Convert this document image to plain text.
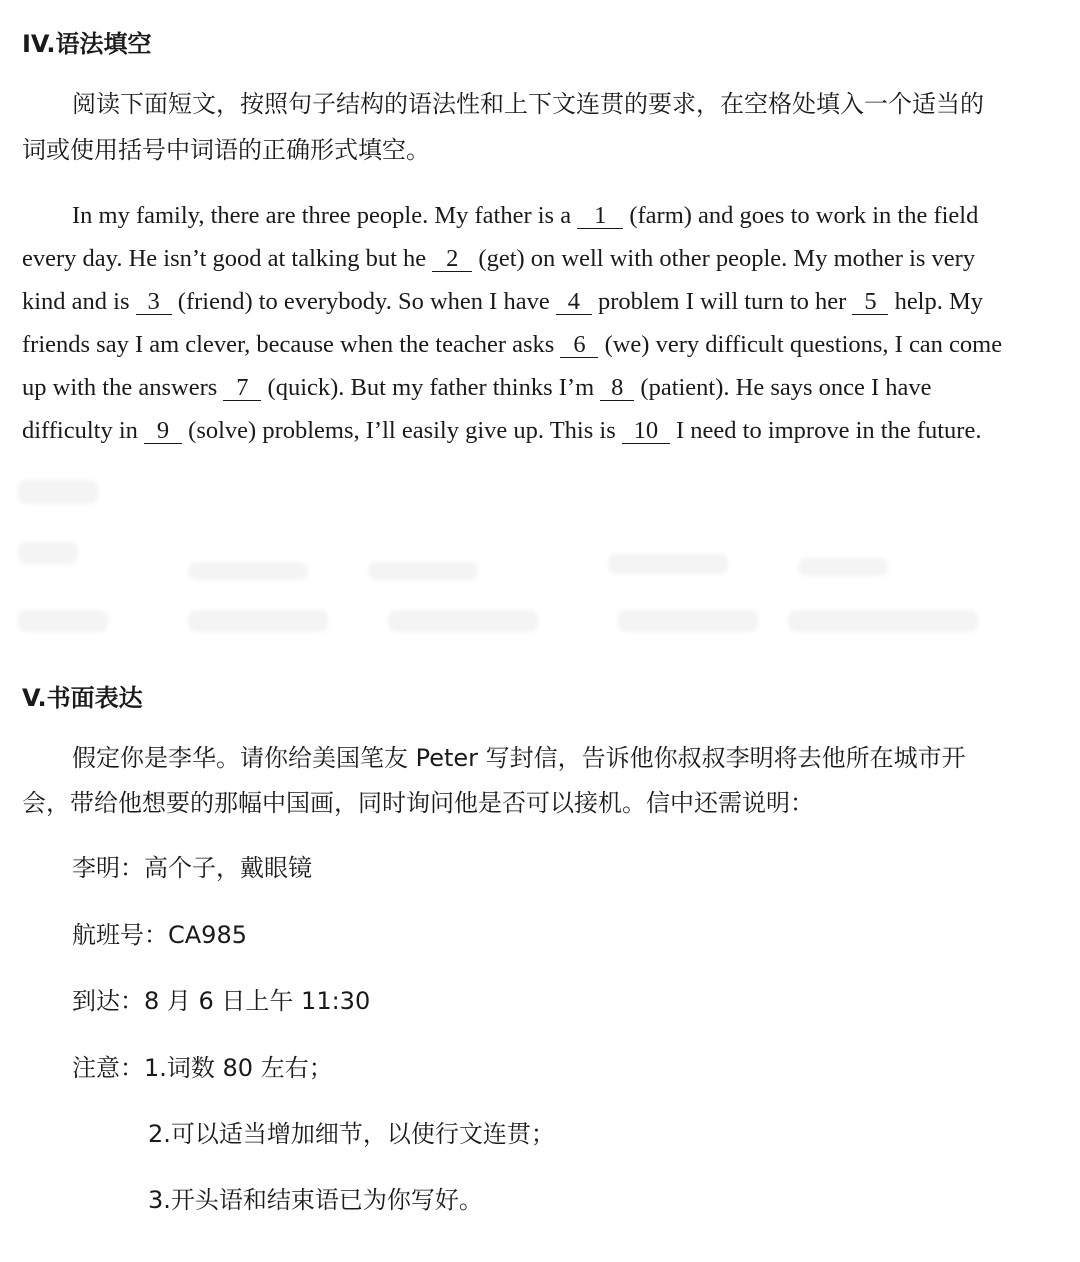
IV.语法填空
阅读下面短文，按照句子结构的语法性和上下文连贯的要求，在空格处填入一个适当的
词或使用括号中词语的正确形式填空。
In my family, there are three people. My father is a 1 (farm) and goes to work in the field
every day. He isn’t good at talking but he 2 (get) on well with other people. My mother is very
kind and is 3 (friend) to everybody. So when I have 4 problem I will turn to her 5 help. My
friends say I am clever, because when the teacher asks 6 (we) very difficult questions, I can come
up with the answers 7 (quick). But my father thinks I’m 8 (patient). He says once I have
difficulty in 9 (solve) problems, I’ll easily give up. This is 10 I need to improve in the future.
V.书面表达
假定你是李华。请你给美国笔友 Peter 写封信，告诉他你叔叔李明将去他所在城市开
会，带给他想要的那幅中国画，同时询问他是否可以接机。信中还需说明：
李明：高个子，戴眼镜
航班号：CA985
到达：8 月 6 日上午 11:30
注意：1.词数 80 左右；
2.可以适当增加细节，以使行文连贯；
3.开头语和结束语已为你写好。
